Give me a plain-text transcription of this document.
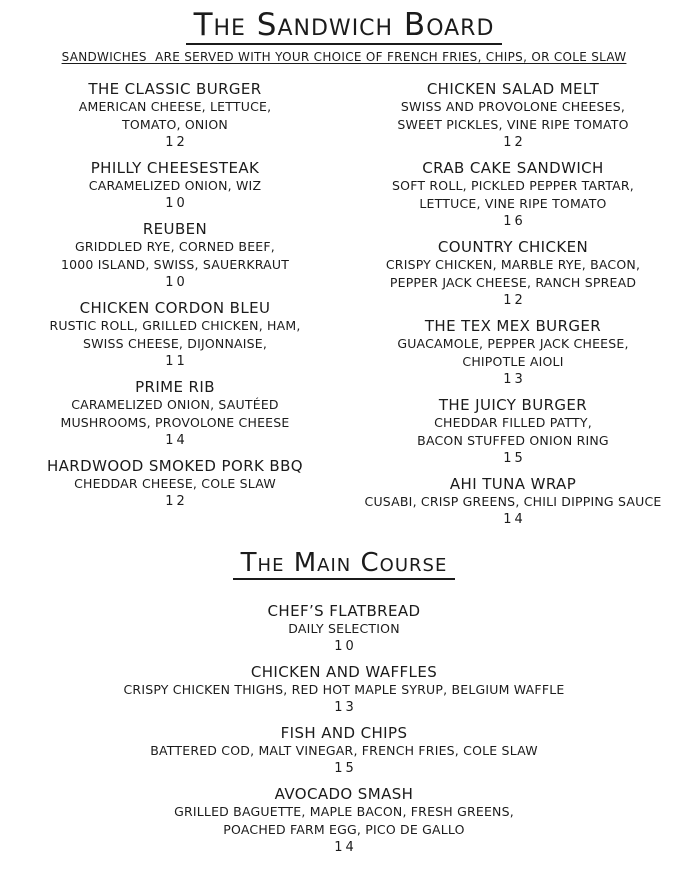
The Sandwich Board
SANDWICHES  ARE SERVED WITH YOUR CHOICE OF FRENCH FRIES, CHIPS, OR COLE SLAW
THE CLASSIC BURGER
AMERICAN CHEESE, LETTUCE,
TOMATO, ONION
12
PHILLY CHEESESTEAK
CARAMELIZED ONION, WIZ
10
REUBEN
GRIDDLED RYE, CORNED BEEF,
1000 ISLAND, SWISS, SAUERKRAUT
10
CHICKEN CORDON BLEU
RUSTIC ROLL, GRILLED CHICKEN, HAM,
SWISS CHEESE, DIJONNAISE,
11
PRIME RIB
CARAMELIZED ONION, SAUTÉED
MUSHROOMS, PROVOLONE CHEESE
14
HARDWOOD SMOKED PORK BBQ
CHEDDAR CHEESE, COLE SLAW
12
CHICKEN SALAD MELT
SWISS AND PROVOLONE CHEESES,
SWEET PICKLES, VINE RIPE TOMATO
12
CRAB CAKE SANDWICH
SOFT ROLL, PICKLED PEPPER TARTAR,
LETTUCE, VINE RIPE TOMATO
16
COUNTRY CHICKEN
CRISPY CHICKEN, MARBLE RYE, BACON,
PEPPER JACK CHEESE, RANCH SPREAD
12
THE TEX MEX BURGER
GUACAMOLE, PEPPER JACK CHEESE,
CHIPOTLE AIOLI
13
THE JUICY BURGER
CHEDDAR FILLED PATTY,
BACON STUFFED ONION RING
15
AHI TUNA WRAP
CUSABI, CRISP GREENS, CHILI DIPPING SAUCE
14
The Main Course
CHEF’S FLATBREAD
DAILY SELECTION
10
CHICKEN AND WAFFLES
CRISPY CHICKEN THIGHS, RED HOT MAPLE SYRUP, BELGIUM WAFFLE
13
FISH AND CHIPS
BATTERED COD, MALT VINEGAR, FRENCH FRIES, COLE SLAW
15
AVOCADO SMASH
GRILLED BAGUETTE, MAPLE BACON, FRESH GREENS,
POACHED FARM EGG, PICO DE GALLO
14
